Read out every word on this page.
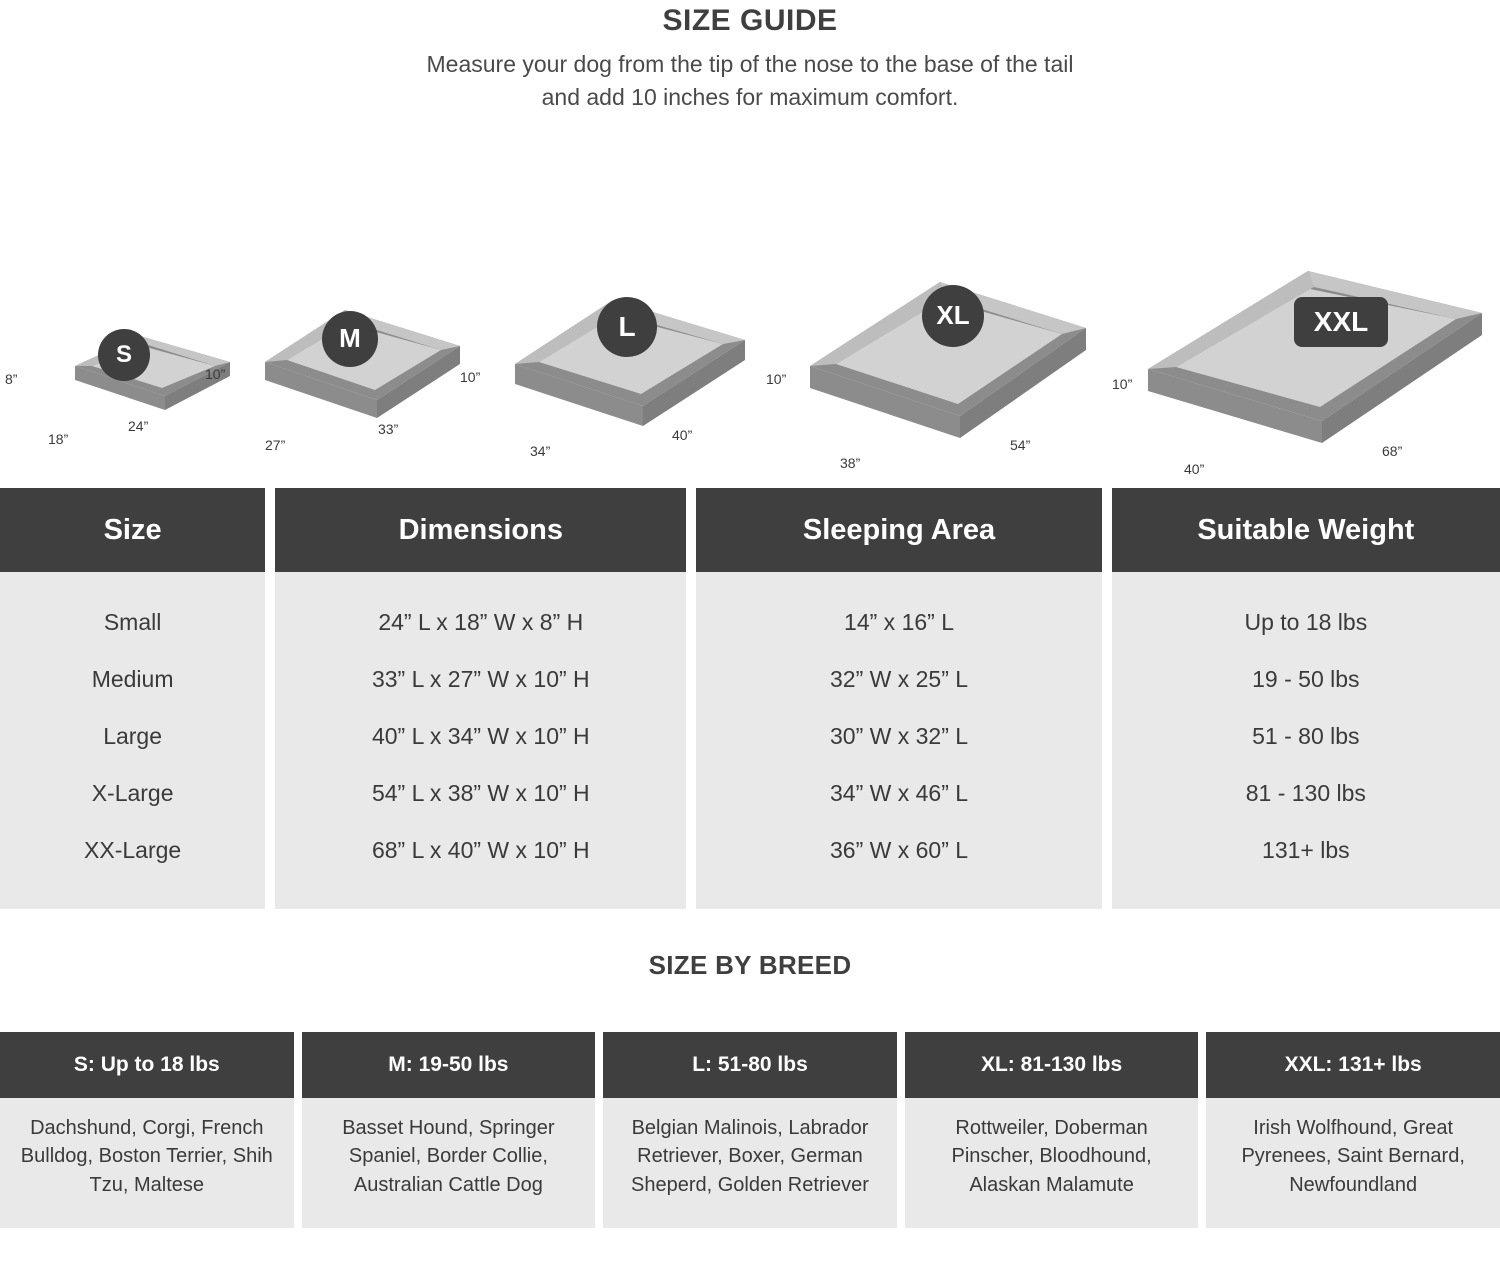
SIZE GUIDE

Measure your dog from the tip of the nose to the base of the tail
and add 10 inches for maximum comfort.

S
8”
18”
24”
M
10”
27”
33”
L
10”
34”
40”
XL
10”
38”
54”
XXL
10”
40”
68”
Size
Small
Medium
Large
X-Large
XX-Large
Dimensions
24” L x 18” W x 8” H
33” L x 27” W x 10” H
40” L x 34” W x 10” H
54” L x 38” W x 10” H
68” L x 40” W x 10” H
Sleeping Area
14” x 16” L
32” W x 25” L
30” W x 32” L
34” W x 46” L
36” W x 60” L
Suitable Weight
Up to 18 lbs
19 - 50 lbs
51 - 80 lbs
81 - 130 lbs
131+ lbs
SIZE BY BREED
S: Up to 18 lbs
Dachshund, Corgi, French Bulldog, Boston Terrier, Shih Tzu, Maltese
M: 19-50 lbs
Basset Hound, Springer Spaniel, Border Collie, Australian Cattle Dog
L: 51-80 lbs
Belgian Malinois, Labrador Retriever, Boxer, German Sheperd, Golden Retriever
XL: 81-130 lbs
Rottweiler, Doberman Pinscher, Bloodhound, Alaskan Malamute
XXL: 131+ lbs
Irish Wolfhound, Great Pyrenees, Saint Bernard, Newfoundland
